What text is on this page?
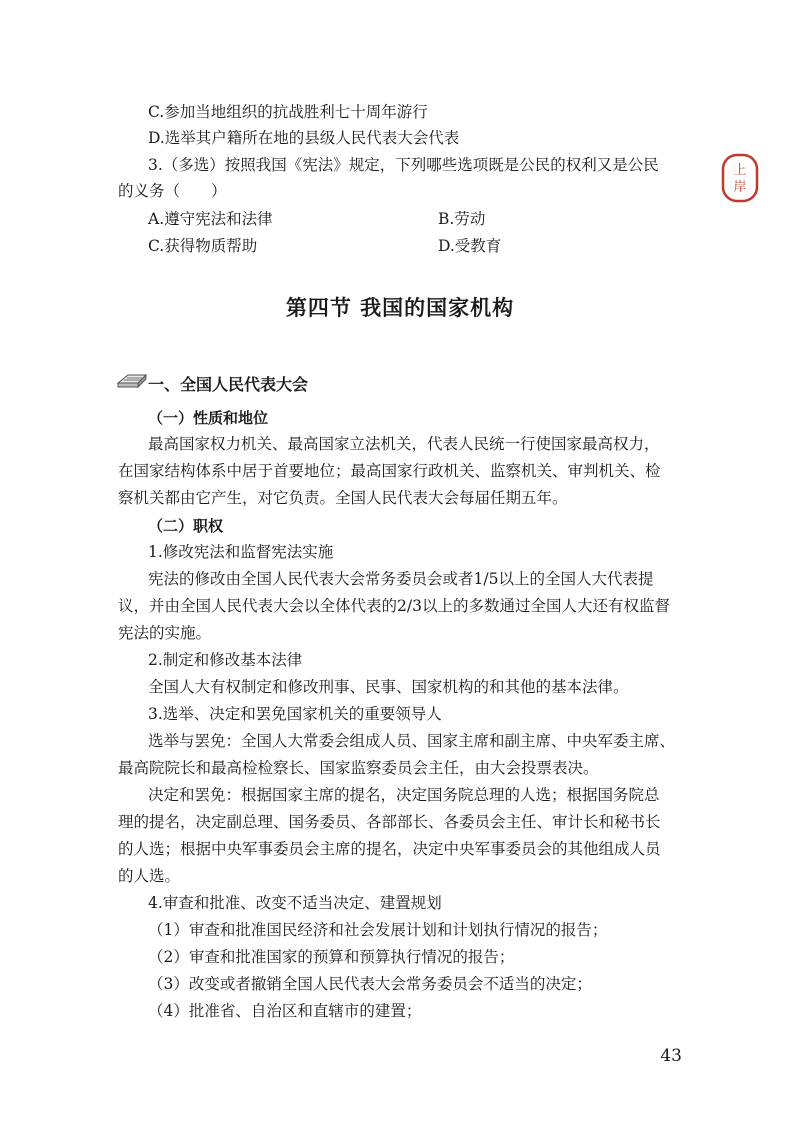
C.参加当地组织的抗战胜利七十周年游行
D.选举其户籍所在地的县级人民代表大会代表
3.（多选）按照我国《宪法》规定，下列哪些选项既是公民的权利又是公民
的义务（　　）
A.遵守宪法和法律	B.劳动
C.获得物质帮助	D.受教育
上
岸
第四节 我国的国家机构
一、全国人民代表大会
（一）性质和地位
最高国家权力机关、最高国家立法机关，代表人民统一行使国家最高权力，
在国家结构体系中居于首要地位；最高国家行政机关、监察机关、审判机关、检
察机关都由它产生，对它负责。全国人民代表大会每届任期五年。
（二）职权
1.修改宪法和监督宪法实施
宪法的修改由全国人民代表大会常务委员会或者1/5以上的全国人大代表提
议，并由全国人民代表大会以全体代表的2/3以上的多数通过全国人大还有权监督
宪法的实施。
2.制定和修改基本法律
全国人大有权制定和修改刑事、民事、国家机构的和其他的基本法律。
3.选举、决定和罢免国家机关的重要领导人
选举与罢免：全国人大常委会组成人员、国家主席和副主席、中央军委主席、
最高院院长和最高检检察长、国家监察委员会主任，由大会投票表决。
决定和罢免：根据国家主席的提名，决定国务院总理的人选；根据国务院总
理的提名，决定副总理、国务委员、各部部长、各委员会主任、审计长和秘书长
的人选；根据中央军事委员会主席的提名，决定中央军事委员会的其他组成人员
的人选。
4.审查和批准、改变不适当决定、建置规划
（1）审查和批准国民经济和社会发展计划和计划执行情况的报告；
（2）审查和批准国家的预算和预算执行情况的报告；
（3）改变或者撤销全国人民代表大会常务委员会不适当的决定；
（4）批准省、自治区和直辖市的建置；
43
